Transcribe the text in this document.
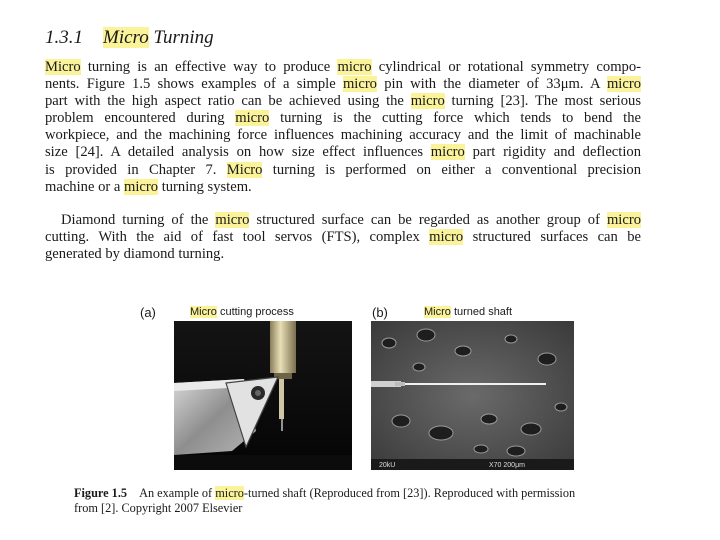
1.3.1 Micro Turning
Micro turning is an effective way to produce micro cylindrical or rotational symmetry compo-
nents. Figure 1.5 shows examples of a simple micro pin with the diameter of 33μm. A micro
part with the high aspect ratio can be achieved using the micro turning [23]. The most serious
problem encountered during micro turning is the cutting force which tends to bend the
workpiece, and the machining force influences machining accuracy and the limit of machinable
size [24]. A detailed analysis on how size effect influences micro part rigidity and deflection
is provided in Chapter 7. Micro turning is performed on either a conventional precision
machine or a micro turning system.
Diamond turning of the micro structured surface can be regarded as another group of micro
cutting. With the aid of fast tool servos (FTS), complex micro structured surfaces can be
generated by diamond turning.
(a)	Micro cutting process	(b)	Micro turned shaft
20kU	X70 200μm
Figure 1.5 An example of micro-turned shaft (Reproduced from [23]). Reproduced with permission
from [2]. Copyright 2007 Elsevier
